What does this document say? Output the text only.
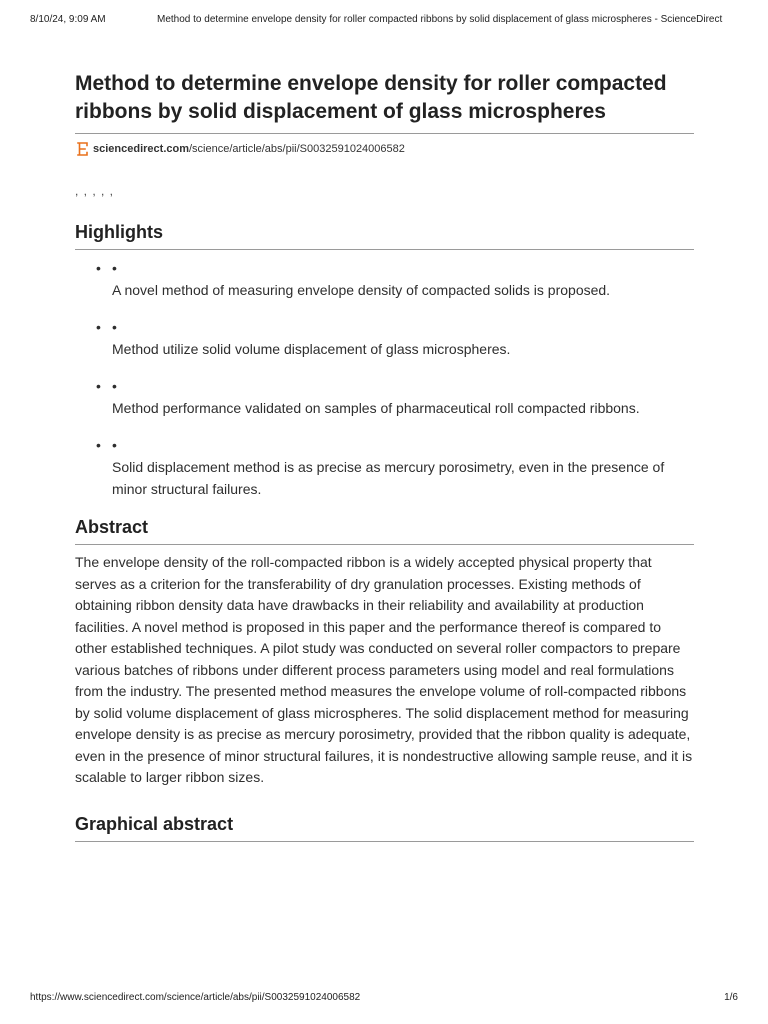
8/10/24, 9:09 AM	Method to determine envelope density for roller compacted ribbons by solid displacement of glass microspheres - ScienceDirect
Method to determine envelope density for roller compacted ribbons by solid displacement of glass microspheres
sciencedirect.com /science/article/abs/pii/S0032591024006582
, , , , ,
Highlights
• •
A novel method of measuring envelope density of compacted solids is proposed.
• •
Method utilize solid volume displacement of glass microspheres.
• •
Method performance validated on samples of pharmaceutical roll compacted ribbons.
• •
Solid displacement method is as precise as mercury porosimetry, even in the presence of minor structural failures.
Abstract

The envelope density of the roll-compacted ribbon is a widely accepted physical property that serves as a criterion for the transferability of dry granulation processes. Existing methods of obtaining ribbon density data have drawbacks in their reliability and availability at production facilities. A novel method is proposed in this paper and the performance thereof is compared to other established techniques. A pilot study was conducted on several roller compactors to prepare various batches of ribbons under different process parameters using model and real formulations from the industry. The presented method measures the envelope volume of roll-compacted ribbons by solid volume displacement of glass microspheres. The solid displacement method for measuring envelope density is as precise as mercury porosimetry, provided that the ribbon quality is adequate, even in the presence of minor structural failures, it is nondestructive allowing sample reuse, and it is scalable to larger ribbon sizes.

Graphical abstract
https://www.sciencedirect.com/science/article/abs/pii/S0032591024006582	1/6
